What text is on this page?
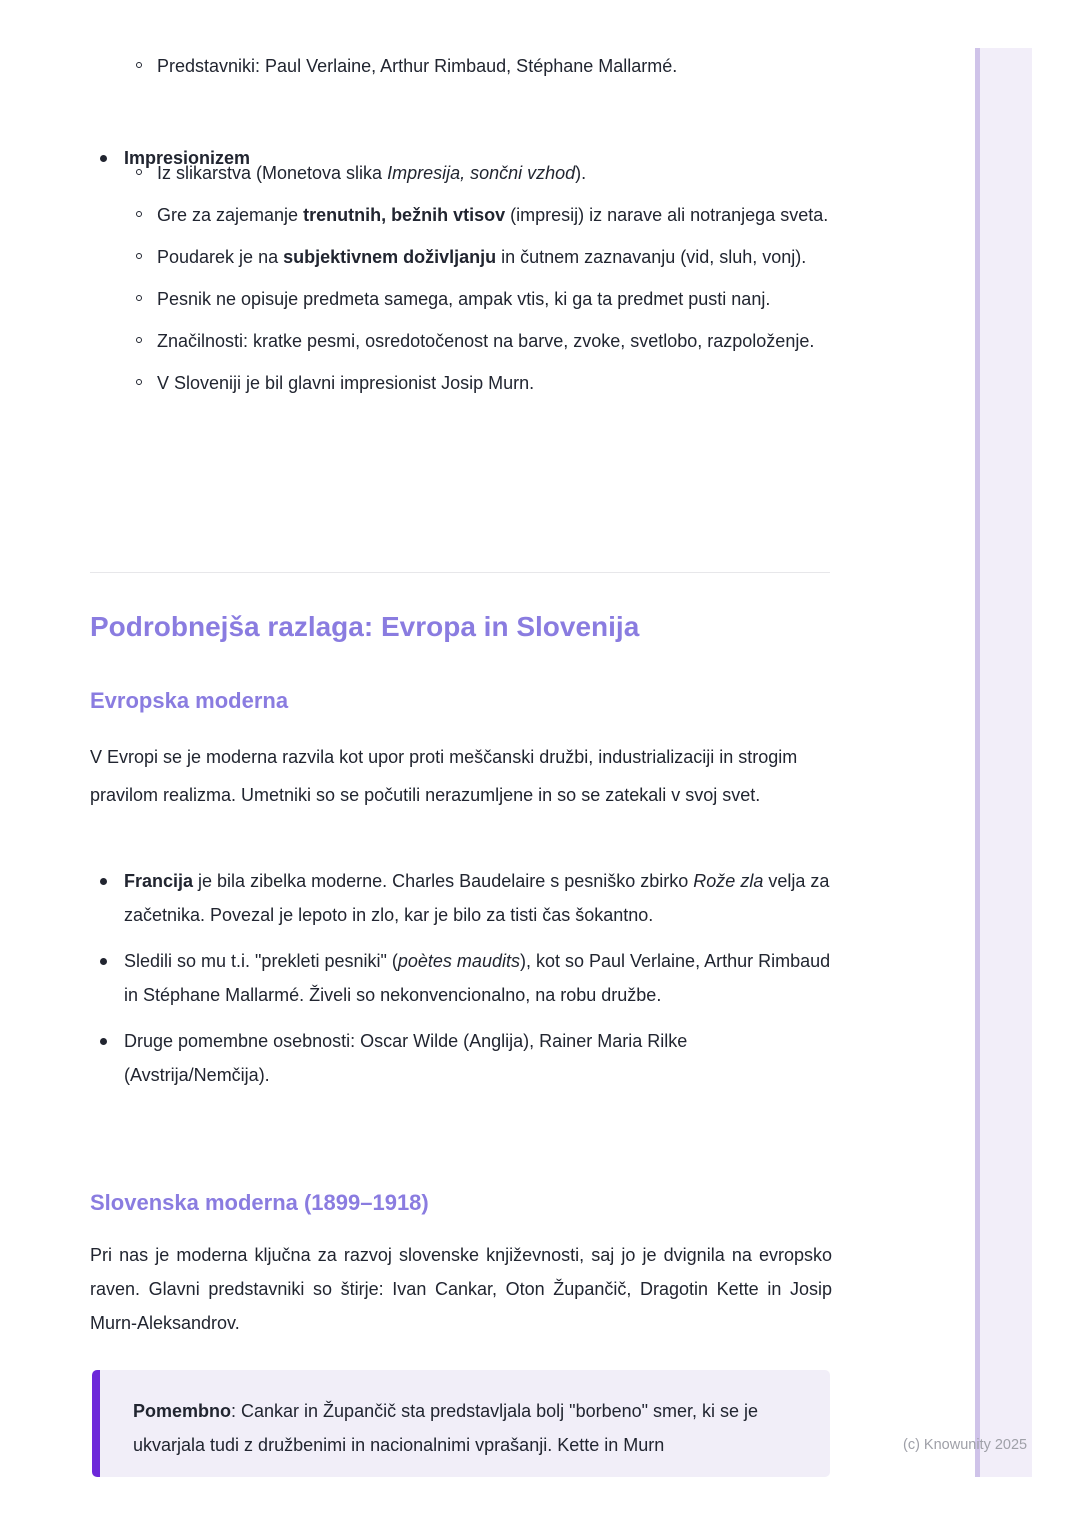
Predstavniki: Paul Verlaine, Arthur Rimbaud, Stéphane Mallarmé.

Impresionizem

Iz slikarstva (Monetova slika Impresija, sončni vzhod).

Gre za zajemanje trenutnih, bežnih vtisov (impresij) iz narave ali notranjega sveta.

Poudarek je na subjektivnem doživljanju in čutnem zaznavanju (vid, sluh, vonj).

Pesnik ne opisuje predmeta samega, ampak vtis, ki ga ta predmet pusti nanj.

Značilnosti: kratke pesmi, osredotočenost na barve, zvoke, svetlobo, razpoloženje.

V Sloveniji je bil glavni impresionist Josip Murn.

Podrobnejša razlaga: Evropa in Slovenija
Evropska moderna

V Evropi se je moderna razvila kot upor proti meščanski družbi, industrializaciji in strogim pravilom realizma. Umetniki so se počutili nerazumljene in so se zatekali v svoj svet.

Francija je bila zibelka moderne. Charles Baudelaire s pesniško zbirko Rože zla velja za začetnika. Povezal je lepoto in zlo, kar je bilo za tisti čas šokantno.

Sledili so mu t.i. "prekleti pesniki" (poètes maudits), kot so Paul Verlaine, Arthur Rimbaud in Stéphane Mallarmé. Živeli so nekonvencionalno, na robu družbe.

Druge pomembne osebnosti: Oscar Wilde (Anglija), Rainer Maria Rilke (Avstrija/Nemčija).

Slovenska moderna (1899–1918)

Pri nas je moderna ključna za razvoj slovenske književnosti, saj jo je dvignila na evropsko raven. Glavni predstavniki so štirje: Ivan Cankar, Oton Župančič, Dragotin Kette in Josip Murn-Aleksandrov.

Pomembno: Cankar in Župančič sta predstavljala bolj "borbeno" smer, ki se je ukvarjala tudi z družbenimi in nacionalnimi vprašanji. Kette in Murn	(c) Knowunity 2025
